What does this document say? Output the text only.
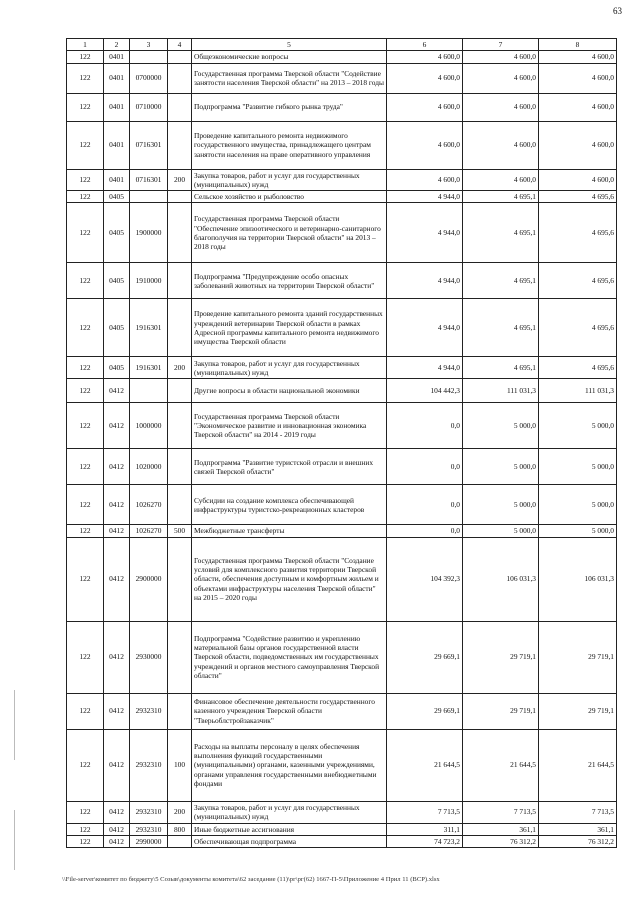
63
1	2	3	4	5	6	7	8
122	0401			Общеэкономические вопросы	4 600,0	4 600,0	4 600,0
122	0401	0700000		Государственная программа Тверской области "Содействие занятости населения Тверской области" на 2013 – 2018 годы	4 600,0	4 600,0	4 600,0
122	0401	0710000		Подпрограмма "Развитие гибкого рынка труда"	4 600,0	4 600,0	4 600,0
122	0401	0716301		Проведение капитального ремонта недвижимого государственного имущества, принадлежащего центрам занятости населения на праве оперативного управления	4 600,0	4 600,0	4 600,0
122	0401	0716301	200	Закупка товаров, работ и услуг для государственных (муниципальных) нужд	4 600,0	4 600,0	4 600,0
122	0405			Сельское хозяйство и рыболовство	4 944,0	4 695,1	4 695,6
122	0405	1900000		Государственная программа Тверской области "Обеспечение эпизоотического и ветеринарно-санитарного благополучия на территории Тверской области" на 2013 – 2018 годы	4 944,0	4 695,1	4 695,6
122	0405	1910000		Подпрограмма "Предупреждение особо опасных заболеваний животных на территории Тверской области"	4 944,0	4 695,1	4 695,6
122	0405	1916301		Проведение капитального ремонта зданий государственных учреждений ветеринарии Тверской области в рамках Адресной программы капитального ремонта недвижимого имущества Тверской области	4 944,0	4 695,1	4 695,6
122	0405	1916301	200	Закупка товаров, работ и услуг для государственных (муниципальных) нужд	4 944,0	4 695,1	4 695,6
122	0412			Другие вопросы в области национальной экономики	104 442,3	111 031,3	111 031,3
122	0412	1000000		Государственная программа Тверской области "Экономическое развитие и инновационная экономика Тверской области" на 2014 - 2019 годы	0,0	5 000,0	5 000,0
122	0412	1020000		Подпрограмма "Развитие туристской отрасли и внешних связей Тверской области"	0,0	5 000,0	5 000,0
122	0412	1026270		Субсидии на создание комплекса обеспечивающей инфраструктуры туристско-рекреационных кластеров	0,0	5 000,0	5 000,0
122	0412	1026270	500	Межбюджетные трансферты	0,0	5 000,0	5 000,0
122	0412	2900000		Государственная программа Тверской области "Создание условий для комплексного развития территории Тверской области, обеспечения доступным и комфортным жильем и объектами инфраструктуры населения Тверской области" на 2015 – 2020 годы	104 392,3	106 031,3	106 031,3
122	0412	2930000		Подпрограмма "Содействие развитию и укреплению материальной базы органов государственной власти Тверской области, подведомственных им государственных учреждений и органов местного самоуправления Тверской области"	29 669,1	29 719,1	29 719,1
122	0412	2932310		Финансовое обеспечение деятельности государственного казенного учреждения Тверской области "Тверьоблстройзаказчик"	29 669,1	29 719,1	29 719,1
122	0412	2932310	100	Расходы на выплаты персоналу в целях обеспечения выполнения функций государственными (муниципальными) органами, казенными учреждениями, органами управления государственными внебюджетными фондами	21 644,5	21 644,5	21 644,5
122	0412	2932310	200	Закупка товаров, работ и услуг для государственных (муниципальных) нужд	7 713,5	7 713,5	7 713,5
122	0412	2932310	800	Иные бюджетные ассигнования	311,1	361,1	361,1
122	0412	2990000		Обеспечивающая подпрограмма	74 723,2	76 312,2	76 312,2
\\File-server\комитет по бюджету\5 Созыв\документы комитета\62 заседание (11)\рг\рг(62) 1667-П-5\Приложение 4 Прил 11 (ВСР).xlsx
